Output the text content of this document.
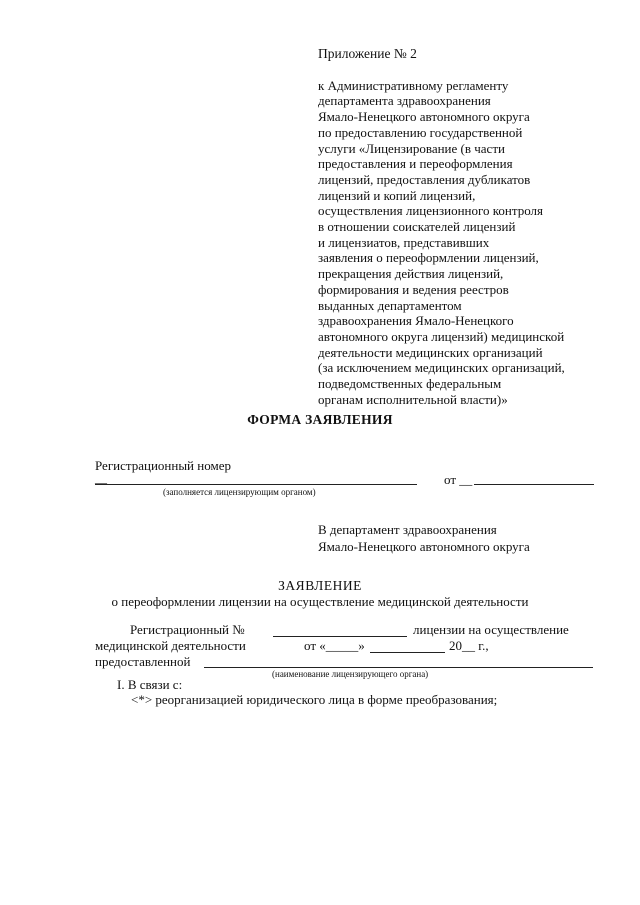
Приложение № 2
к Административному регламенту
департамента здравоохранения
Ямало-Ненецкого автономного округа
по предоставлению государственной
услуги «Лицензирование (в части
предоставления и переоформления
лицензий, предоставления дубликатов
лицензий и копий лицензий,
осуществления лицензионного контроля
в отношении соискателей лицензий
и лицензиатов, представивших
заявления о переоформлении лицензий,
прекращения действия лицензий,
формирования и ведения реестров
выданных департаментом
здравоохранения Ямало-Ненецкого
автономного округа лицензий) медицинской
деятельности медицинских организаций
(за исключением медицинских организаций,
подведомственных федеральным
органам исполнительной власти)»
ФОРМА ЗАЯВЛЕНИЯ
Регистрационный номер
__
(заполняется лицензирующим органом)
от __
В департамент здравоохранения
Ямало-Ненецкого автономного округа
ЗАЯВЛЕНИЕ
о переоформлении лицензии на осуществление медицинской деятельности
Регистрационный №	лицензии на осуществление
медицинской деятельности	от «_____»	20__ г.,
предоставленной
(наименование лицензирующего органа)
I. В связи с:
<*> реорганизацией юридического лица в форме преобразования;
